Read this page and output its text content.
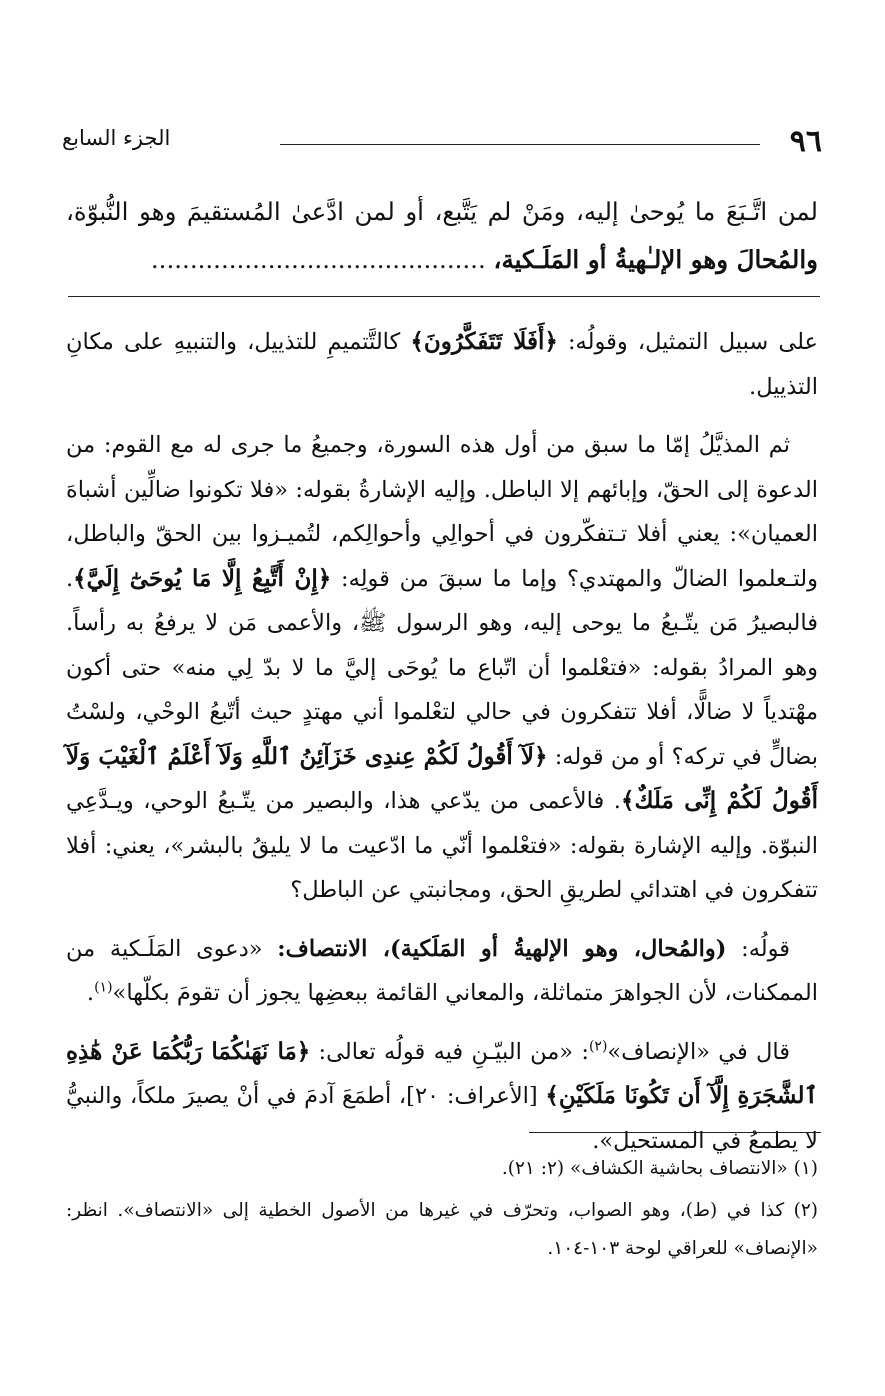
٩٦
الجزء السابع
لمن اتَّـبَعَ ما يُوحىٰ إليه، ومَنْ لم يَتَّبع، أو لمن ادَّعىٰ المُستقيمَ وهو النُّبوّة، والمُحالَ وهو الإلـٰهيةُ أو المَلَـكية، ...........................................

على سبيل التمثيل، وقولُه: ﴿أَفَلَا تَتَفَكَّرُونَ﴾ كالتَّتميمِ للتذييل، والتنبيهِ على مكانِ التذييل.

ثم المذيَّلُ إمّا ما سبق من أول هذه السورة، وجميعُ ما جرى له مع القوم: من الدعوة إلى الحقّ، وإبائهم إلا الباطل. وإليه الإشارةُ بقوله: «فلا تكونوا ضالِّين أشباهَ العميان»: يعني أفلا تـتفكّرون في أحوالِي وأحوالِكم، لتُميـزوا بين الحقّ والباطل، ولتـعلموا الضالّ والمهتدي؟ وإما ما سبقَ من قولِه: ﴿إِنْ أَتَّبِعُ إِلَّا مَا يُوحَىٰٓ إِلَيَّ﴾. فالبصيرُ مَن يتّـبعُ ما يوحى إليه، وهو الرسول ﷺ، والأعمى مَن لا يرفعُ به رأساً. وهو المرادُ بقوله: «فتعْلموا أن اتّباع ما يُوحَى إليَّ ما لا بدّ لِي منه» حتى أكون مهْتدياً لا ضالًّا، أفلا تتفكرون في حالي لتعْلموا أني مهتدٍ حيث أتّبعُ الوحْي، ولسْتُ بضالٍّ في تركه؟ أو من قوله: ﴿لَآ أَقُولُ لَكُمْ عِندِى خَزَآئِنُ ٱللَّهِ وَلَآ أَعْلَمُ ٱلْغَيْبَ وَلَآ أَقُولُ لَكُمْ إِنِّى مَلَكٌ﴾. فالأعمى من يدّعي هذا، والبصير من يتّـبعُ الوحي، ويـدَّعِي النبوّة. وإليه الإشارة بقوله: «فتعْلموا أنّي ما ادّعيت ما لا يليقُ بالبشر»، يعني: أفلا تتفكرون في اهتدائي لطريقِ الحق، ومجانبتي عن الباطل؟

قولُه: (والمُحال، وهو الإلهيةُ أو المَلَكية)، الانتصاف: «دعوى المَلَـكية من الممكنات، لأن الجواهرَ متماثلة، والمعاني القائمة ببعضِها يجوز أن تقومَ بكلّها»$^{(١)}$.

قال في «الإنصاف»$^{(٢)}$: «من البيّـنِ فيه قولُه تعالى: ﴿مَا نَهَىٰكُمَا رَبُّكُمَا عَنْ هَٰذِهِ ٱلشَّجَرَةِ إِلَّآ أَن تَكُونَا مَلَكَيْنِ﴾ [الأعراف: ٢٠]، أطمَعَ آدمَ في أنْ يصيرَ ملكاً، والنبيُّ لا يطمعُ في المستحيل».

(١) «الانتصاف بحاشية الكشاف» (٢: ٢١).

(٢) كذا في (ط)، وهو الصواب، وتحرّف في غيرها من الأصول الخطية إلى «الانتصاف». انظر: «الإنصاف» للعراقي لوحة ١٠٣-١٠٤.
